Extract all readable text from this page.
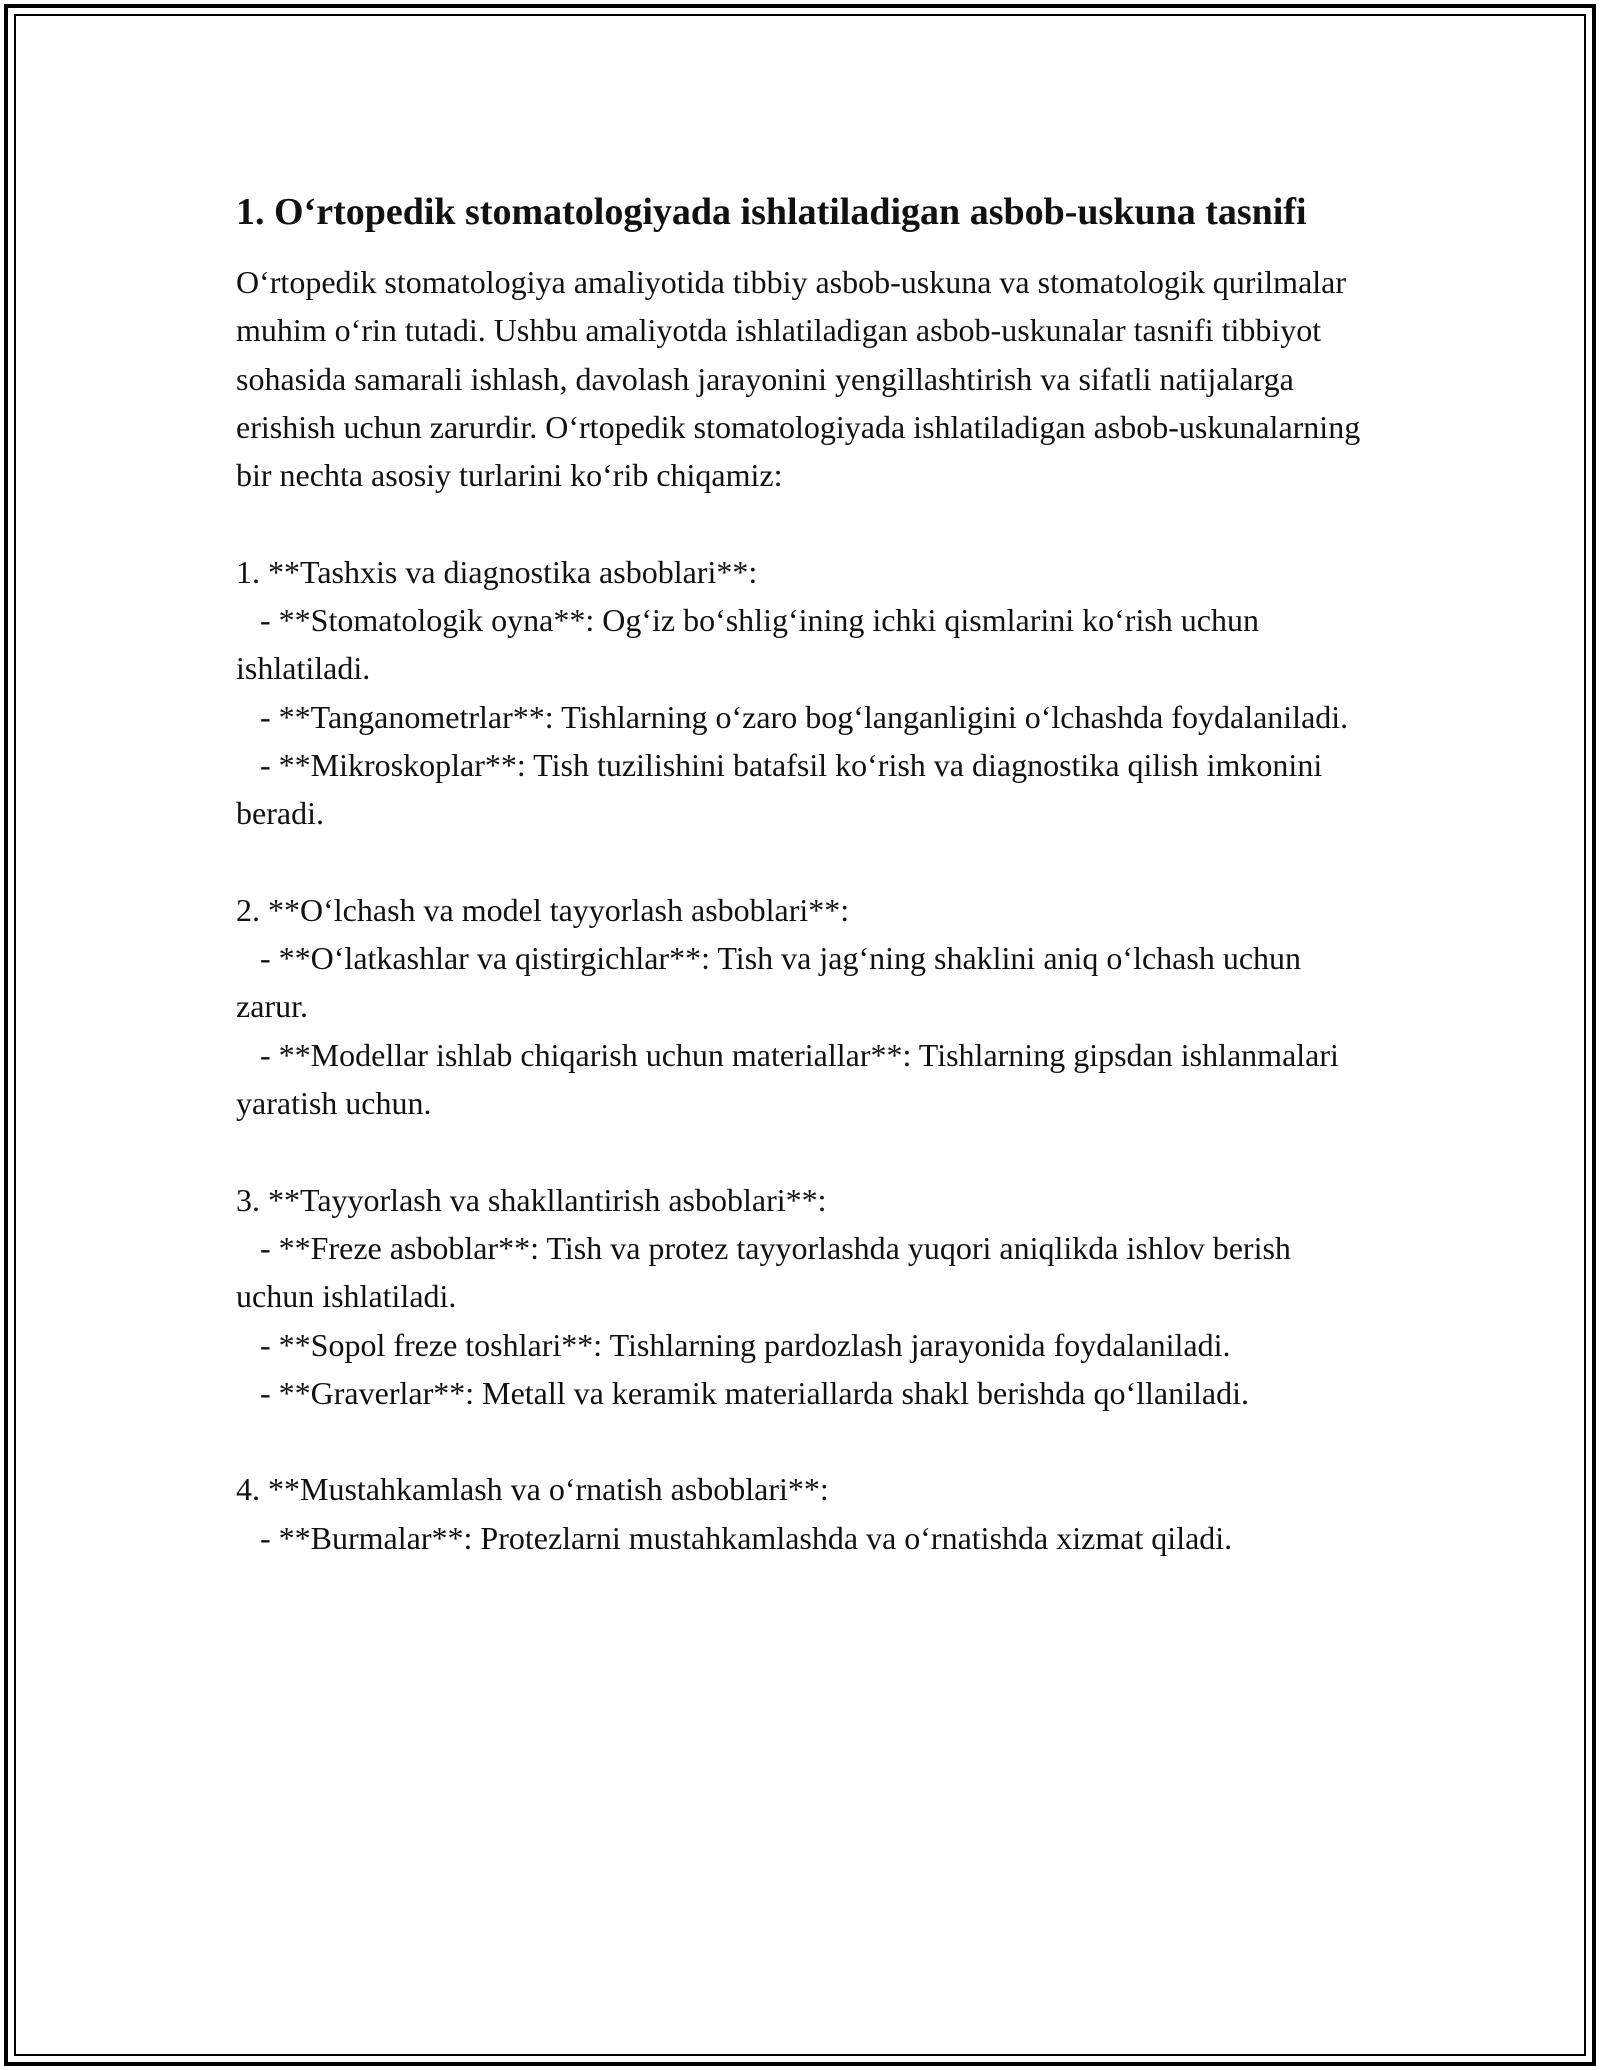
1. O‘rtopedik stomatologiyada ishlatiladigan asbob-uskuna tasnifi

O‘rtopedik stomatologiya amaliyotida tibbiy asbob-uskuna va stomatologik qurilmalar muhim o‘rin tutadi. Ushbu amaliyotda ishlatiladigan asbob-uskunalar tasnifi tibbiyot sohasida samarali ishlash, davolash jarayonini yengillashtirish va sifatli natijalarga erishish uchun zarurdir. O‘rtopedik stomatologiyada ishlatiladigan asbob-uskunalarning bir nechta asosiy turlarini ko‘rib chiqamiz:

1. **Tashxis va diagnostika asboblari**:
- **Stomatologik oyna**: Og‘iz bo‘shlig‘ining ichki qismlarini ko‘rish uchun ishlatiladi.
- **Tanganometrlar**: Tishlarning o‘zaro bog‘langanligini o‘lchashda foydalaniladi.
- **Mikroskoplar**: Tish tuzilishini batafsil ko‘rish va diagnostika qilish imkonini beradi.
2. **O‘lchash va model tayyorlash asboblari**:
- **O‘latkashlar va qistirgichlar**: Tish va jag‘ning shaklini aniq o‘lchash uchun zarur.
- **Modellar ishlab chiqarish uchun materiallar**: Tishlarning gipsdan ishlanmalari yaratish uchun.
3. **Tayyorlash va shakllantirish asboblari**:
- **Freze asboblar**: Tish va protez tayyorlashda yuqori aniqlikda ishlov berish uchun ishlatiladi.
- **Sopol freze toshlari**: Tishlarning pardozlash jarayonida foydalaniladi.
- **Graverlar**: Metall va keramik materiallarda shakl berishda qo‘llaniladi.
4. **Mustahkamlash va o‘rnatish asboblari**:
- **Burmalar**: Protezlarni mustahkamlashda va o‘rnatishda xizmat qiladi.
